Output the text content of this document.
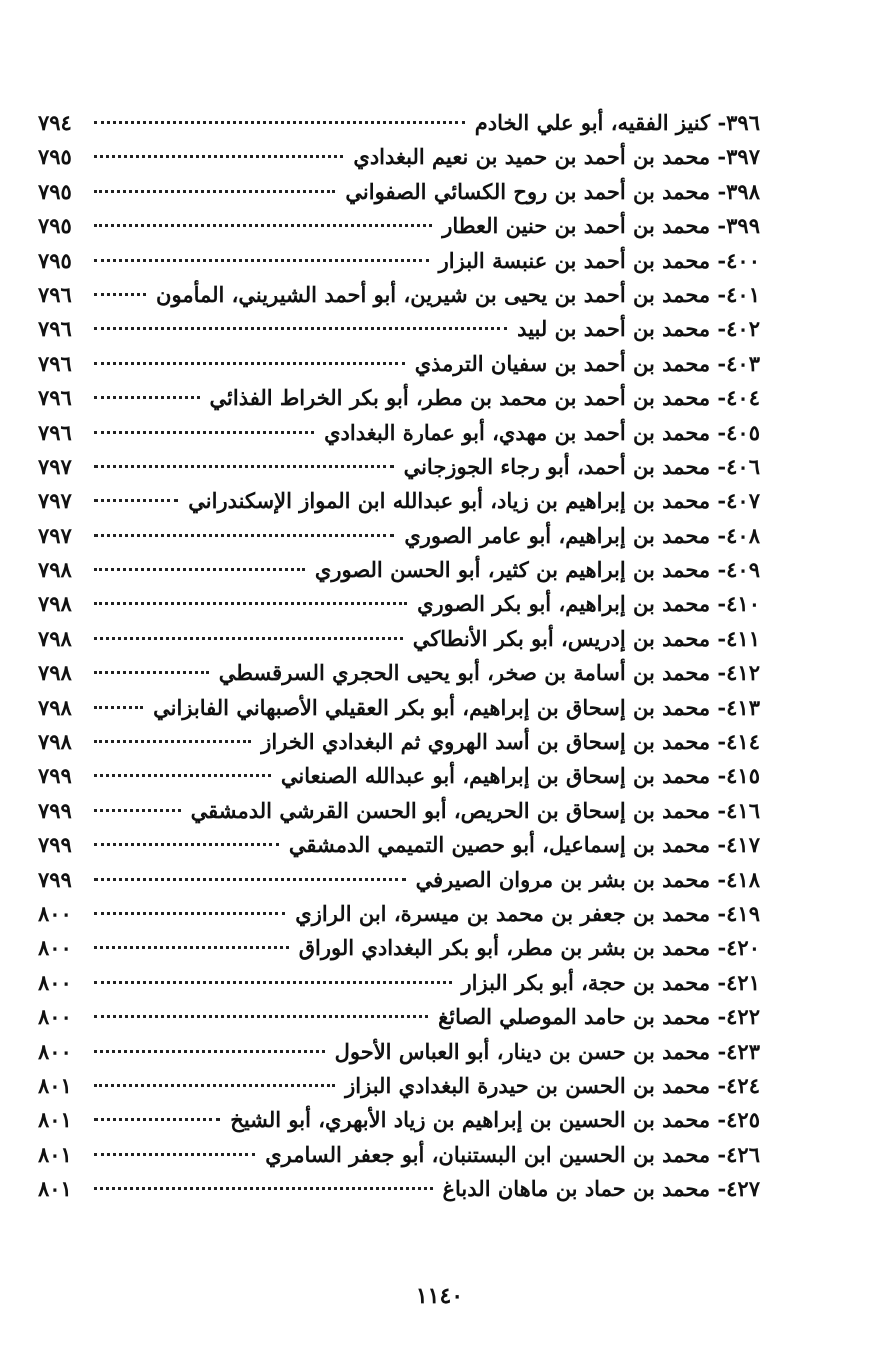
٣٩٦- كنيز الفقيه، أبو علي الخادم
٧٩٤
٣٩٧- محمد بن أحمد بن حميد بن نعيم البغدادي
٧٩٥
٣٩٨- محمد بن أحمد بن روح الكسائي الصفواني
٧٩٥
٣٩٩- محمد بن أحمد بن حنين العطار
٧٩٥
٤٠٠- محمد بن أحمد بن عنبسة البزار
٧٩٥
٤٠١- محمد بن أحمد بن يحيى بن شيرين، أبو أحمد الشيريني، المأمون
٧٩٦
٤٠٢- محمد بن أحمد بن لبيد
٧٩٦
٤٠٣- محمد بن أحمد بن سفيان الترمذي
٧٩٦
٤٠٤- محمد بن أحمد بن محمد بن مطر، أبو بكر الخراط الفذائي
٧٩٦
٤٠٥- محمد بن أحمد بن مهدي، أبو عمارة البغدادي
٧٩٦
٤٠٦- محمد بن أحمد، أبو رجاء الجوزجاني
٧٩٧
٤٠٧- محمد بن إبراهيم بن زياد، أبو عبدالله ابن المواز الإسكندراني
٧٩٧
٤٠٨- محمد بن إبراهيم، أبو عامر الصوري
٧٩٧
٤٠٩- محمد بن إبراهيم بن كثير، أبو الحسن الصوري
٧٩٨
٤١٠- محمد بن إبراهيم، أبو بكر الصوري
٧٩٨
٤١١- محمد بن إدريس، أبو بكر الأنطاكي
٧٩٨
٤١٢- محمد بن أسامة بن صخر، أبو يحيى الحجري السرقسطي
٧٩٨
٤١٣- محمد بن إسحاق بن إبراهيم، أبو بكر العقيلي الأصبهاني الفابزاني
٧٩٨
٤١٤- محمد بن إسحاق بن أسد الهروي ثم البغدادي الخراز
٧٩٨
٤١٥- محمد بن إسحاق بن إبراهيم، أبو عبدالله الصنعاني
٧٩٩
٤١٦- محمد بن إسحاق بن الحريص، أبو الحسن القرشي الدمشقي
٧٩٩
٤١٧- محمد بن إسماعيل، أبو حصين التميمي الدمشقي
٧٩٩
٤١٨- محمد بن بشر بن مروان الصيرفي
٧٩٩
٤١٩- محمد بن جعفر بن محمد بن ميسرة، ابن الرازي
٨٠٠
٤٢٠- محمد بن بشر بن مطر، أبو بكر البغدادي الوراق
٨٠٠
٤٢١- محمد بن حجة، أبو بكر البزار
٨٠٠
٤٢٢- محمد بن حامد الموصلي الصائغ
٨٠٠
٤٢٣- محمد بن حسن بن دينار، أبو العباس الأحول
٨٠٠
٤٢٤- محمد بن الحسن بن حيدرة البغدادي البزاز
٨٠١
٤٢٥- محمد بن الحسين بن إبراهيم بن زياد الأبهري، أبو الشيخ
٨٠١
٤٢٦- محمد بن الحسين ابن البستنبان، أبو جعفر السامري
٨٠١
٤٢٧- محمد بن حماد بن ماهان الدباغ
٨٠١
١١٤٠
